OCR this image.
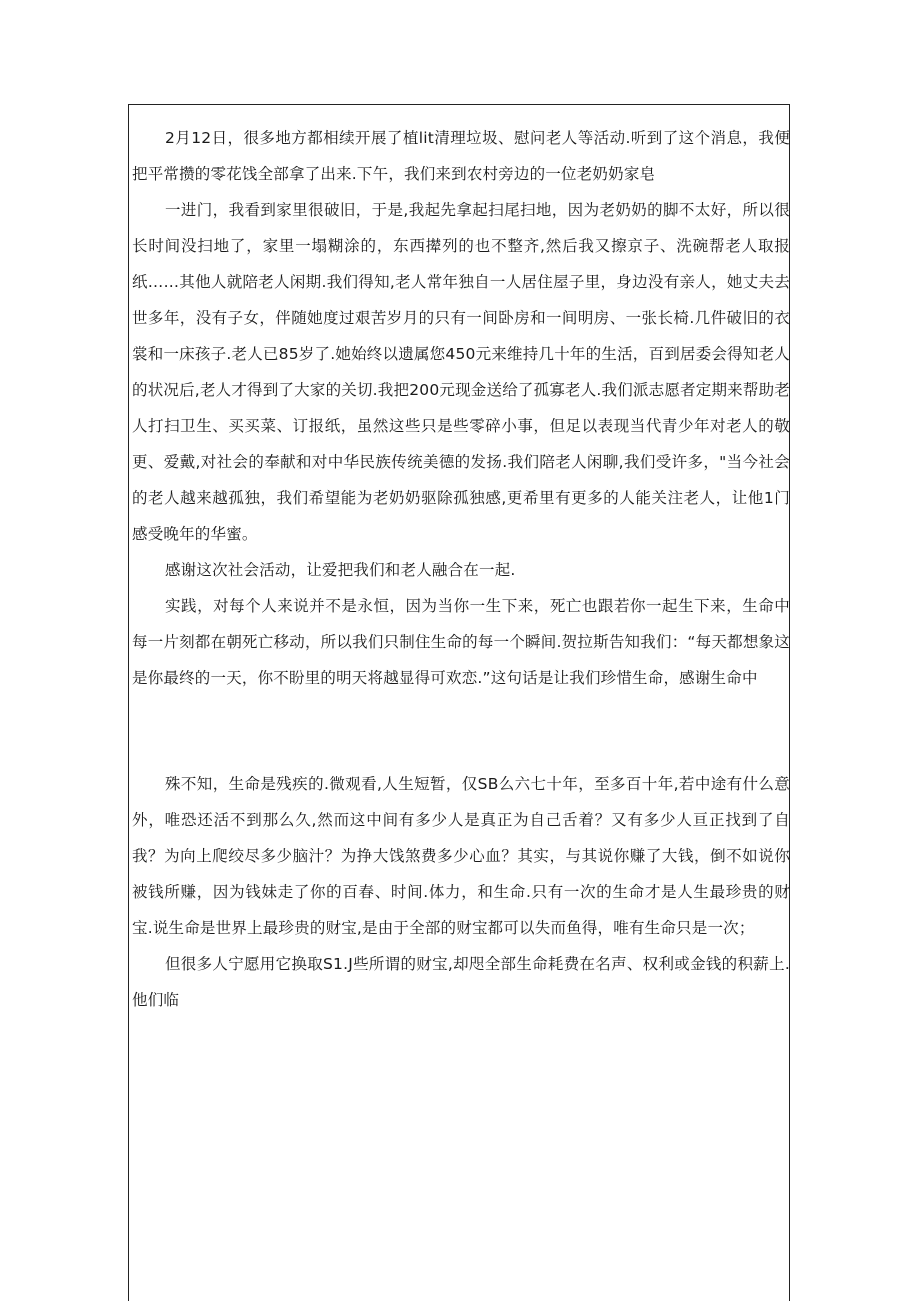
2月12日，很多地方都相续开展了植lit清理垃圾、慰问老人等活动.听到了这个消息，我便把平常攒的零花饯全部拿了出来.下午，我们来到农村旁边的一位老奶奶家皂

一进门，我看到家里很破旧，于是,我起先拿起扫尾扫地，因为老奶奶的脚不太好，所以很长时间没扫地了，家里一塌糊涂的，东西撵列的也不整齐,然后我又擦京子、洗碗帮老人取报纸……其他人就陪老人闲期.我们得知,老人常年独自一人居住屋子里，身边没有亲人，她丈夫去世多年，没有子女，伴随她度过艰苦岁月的只有一间卧房和一间明房、一张长椅.几件破旧的衣裳和一床孩子.老人已85岁了.她始终以遗属您450元来维持几十年的生活，百到居委会得知老人的状况后,老人才得到了大家的关切.我把200元现金送给了孤寡老人.我们派志愿者定期来帮助老人打扫卫生、买买菜、订报纸，虽然这些只是些零碎小事，但足以表现当代青少年对老人的敬更、爱戴,对社会的奉献和对中华民族传统美德的发扬.我们陪老人闲聊,我们受许多，"当今社会的老人越来越孤独，我们希望能为老奶奶驱除孤独感,更希里有更多的人能关注老人，让他1门感受晚年的华蜜。

感谢这次社会活动，让爱把我们和老人融合在一起.

实践，对每个人来说并不是永恒，因为当你一生下来，死亡也跟若你一起生下来，生命中每一片刻都在朝死亡移动，所以我们只制住生命的每一个瞬间.贺拉斯告知我们：“每天都想象这是你最终的一天，你不盼里的明天将越显得可欢恋.”这句话是让我们珍惜生命，感谢生命中

殊不知，生命是残疾的.微观看,人生短暂，仅SB么六七十年，至多百十年,若中途有什么意外，唯恐还活不到那么久,然而这中间有多少人是真正为自己舌着？又有多少人亘正找到了自我？为向上爬绞尽多少脑汁？为挣大饯煞费多少心血？其实，与其说你赚了大钱，倒不如说你被钱所赚，因为钱妹走了你的百春、时间.体力，和生命.只有一次的生命才是人生最珍贵的财宝.说生命是世界上最珍贵的财宝,是由于全部的财宝都可以失而鱼得，唯有生命只是一次；

但很多人宁愿用它换取S1.J些所谓的财宝,却咫全部生命耗费在名声、权利或金钱的积薪上.他们临
